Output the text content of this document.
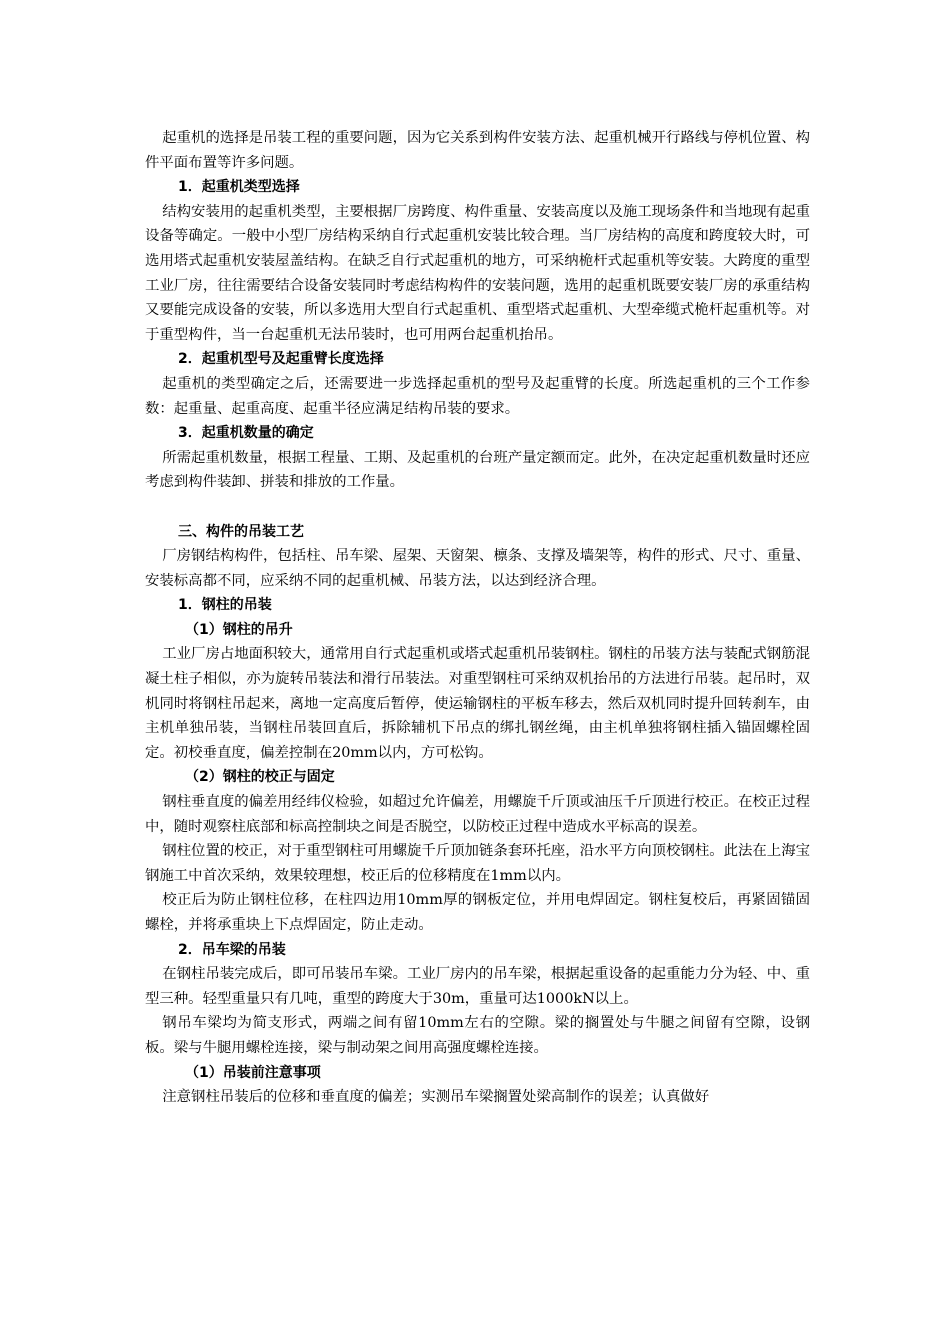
起重机的选择是吊装工程的重要问题，因为它关系到构件安装方法、起重机械开行路线与停机位置、构件平面布置等许多问题。

1．起重机类型选择

结构安装用的起重机类型，主要根据厂房跨度、构件重量、安装高度以及施工现场条件和当地现有起重设备等确定。一般中小型厂房结构采纳自行式起重机安装比较合理。当厂房结构的高度和跨度较大时，可选用塔式起重机安装屋盖结构。在缺乏自行式起重机的地方，可采纳桅杆式起重机等安装。大跨度的重型工业厂房，往往需要结合设备安装同时考虑结构构件的安装问题，选用的起重机既要安装厂房的承重结构又要能完成设备的安装，所以多选用大型自行式起重机、重型塔式起重机、大型牵缆式桅杆起重机等。对于重型构件，当一台起重机无法吊装时，也可用两台起重机抬吊。

2．起重机型号及起重臂长度选择

起重机的类型确定之后，还需要进一步选择起重机的型号及起重臂的长度。所选起重机的三个工作参数：起重量、起重高度、起重半径应满足结构吊装的要求。

3．起重机数量的确定

所需起重机数量，根据工程量、工期、及起重机的台班产量定额而定。此外，在决定起重机数量时还应考虑到构件装卸、拼装和排放的工作量。

三、构件的吊装工艺

厂房钢结构构件，包括柱、吊车梁、屋架、天窗架、檩条、支撑及墙架等，构件的形式、尺寸、重量、安装标高都不同，应采纳不同的起重机械、吊装方法，以达到经济合理。

1．钢柱的吊装
（1）钢柱的吊升

工业厂房占地面积较大，通常用自行式起重机或塔式起重机吊装钢柱。钢柱的吊装方法与装配式钢筋混凝土柱子相似，亦为旋转吊装法和滑行吊装法。对重型钢柱可采纳双机抬吊的方法进行吊装。起吊时，双机同时将钢柱吊起来，离地一定高度后暂停，使运输钢柱的平板车移去，然后双机同时提升回转刹车，由主机单独吊装，当钢柱吊装回直后，拆除辅机下吊点的绑扎钢丝绳，由主机单独将钢柱插入锚固螺栓固定。初校垂直度，偏差控制在20mm以内，方可松钩。

（2）钢柱的校正与固定

钢柱垂直度的偏差用经纬仪检验，如超过允许偏差，用螺旋千斤顶或油压千斤顶进行校正。在校正过程中，随时观察柱底部和标高控制块之间是否脱空，以防校正过程中造成水平标高的误差。

钢柱位置的校正，对于重型钢柱可用螺旋千斤顶加链条套环托座，沿水平方向顶校钢柱。此法在上海宝钢施工中首次采纳，效果较理想，校正后的位移精度在1mm以内。

校正后为防止钢柱位移，在柱四边用10mm厚的钢板定位，并用电焊固定。钢柱复校后，再紧固锚固螺栓，并将承重块上下点焊固定，防止走动。

2．吊车梁的吊装

在钢柱吊装完成后，即可吊装吊车梁。工业厂房内的吊车梁，根据起重设备的起重能力分为轻、中、重型三种。轻型重量只有几吨，重型的跨度大于30m，重量可达1000kN以上。

钢吊车梁均为简支形式，两端之间有留10mm左右的空隙。梁的搁置处与牛腿之间留有空隙，设钢板。梁与牛腿用螺栓连接，梁与制动架之间用高强度螺栓连接。

（1）吊装前注意事项

注意钢柱吊装后的位移和垂直度的偏差；实测吊车梁搁置处梁高制作的误差；认真做好
